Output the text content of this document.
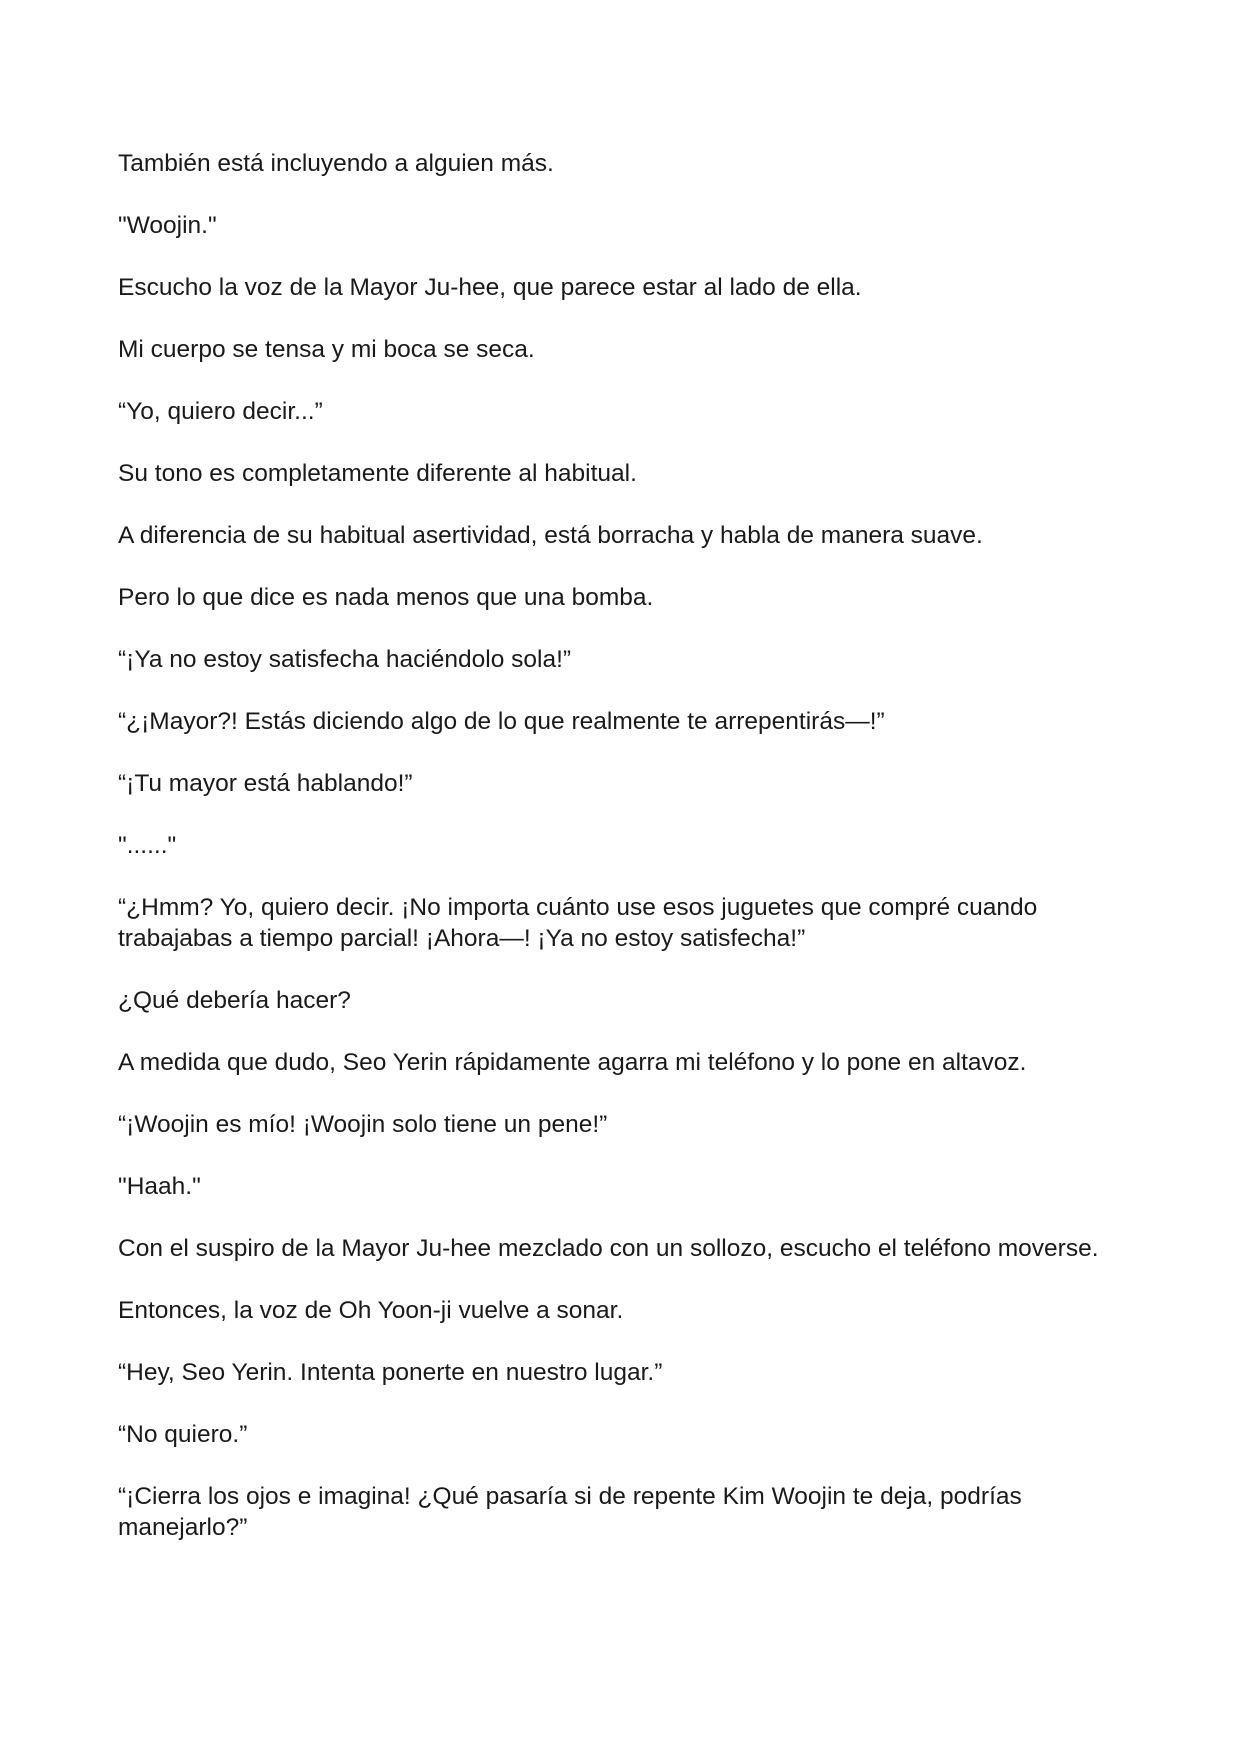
También está incluyendo a alguien más.

"Woojin."

Escucho la voz de la Mayor Ju-hee, que parece estar al lado de ella.

Mi cuerpo se tensa y mi boca se seca.

“Yo, quiero decir...”

Su tono es completamente diferente al habitual.

A diferencia de su habitual asertividad, está borracha y habla de manera suave.

Pero lo que dice es nada menos que una bomba.

“¡Ya no estoy satisfecha haciéndolo sola!”

“¿¡Mayor?! Estás diciendo algo de lo que realmente te arrepentirás—!”

“¡Tu mayor está hablando!”

"......"

“¿Hmm? Yo, quiero decir. ¡No importa cuánto use esos juguetes que compré cuando trabajabas a tiempo parcial! ¡Ahora—! ¡Ya no estoy satisfecha!”

¿Qué debería hacer?

A medida que dudo, Seo Yerin rápidamente agarra mi teléfono y lo pone en altavoz.

“¡Woojin es mío! ¡Woojin solo tiene un pene!”

"Haah."

Con el suspiro de la Mayor Ju-hee mezclado con un sollozo, escucho el teléfono moverse.

Entonces, la voz de Oh Yoon-ji vuelve a sonar.

“Hey, Seo Yerin. Intenta ponerte en nuestro lugar.”

“No quiero.”

“¡Cierra los ojos e imagina! ¿Qué pasaría si de repente Kim Woojin te deja, podrías manejarlo?”
